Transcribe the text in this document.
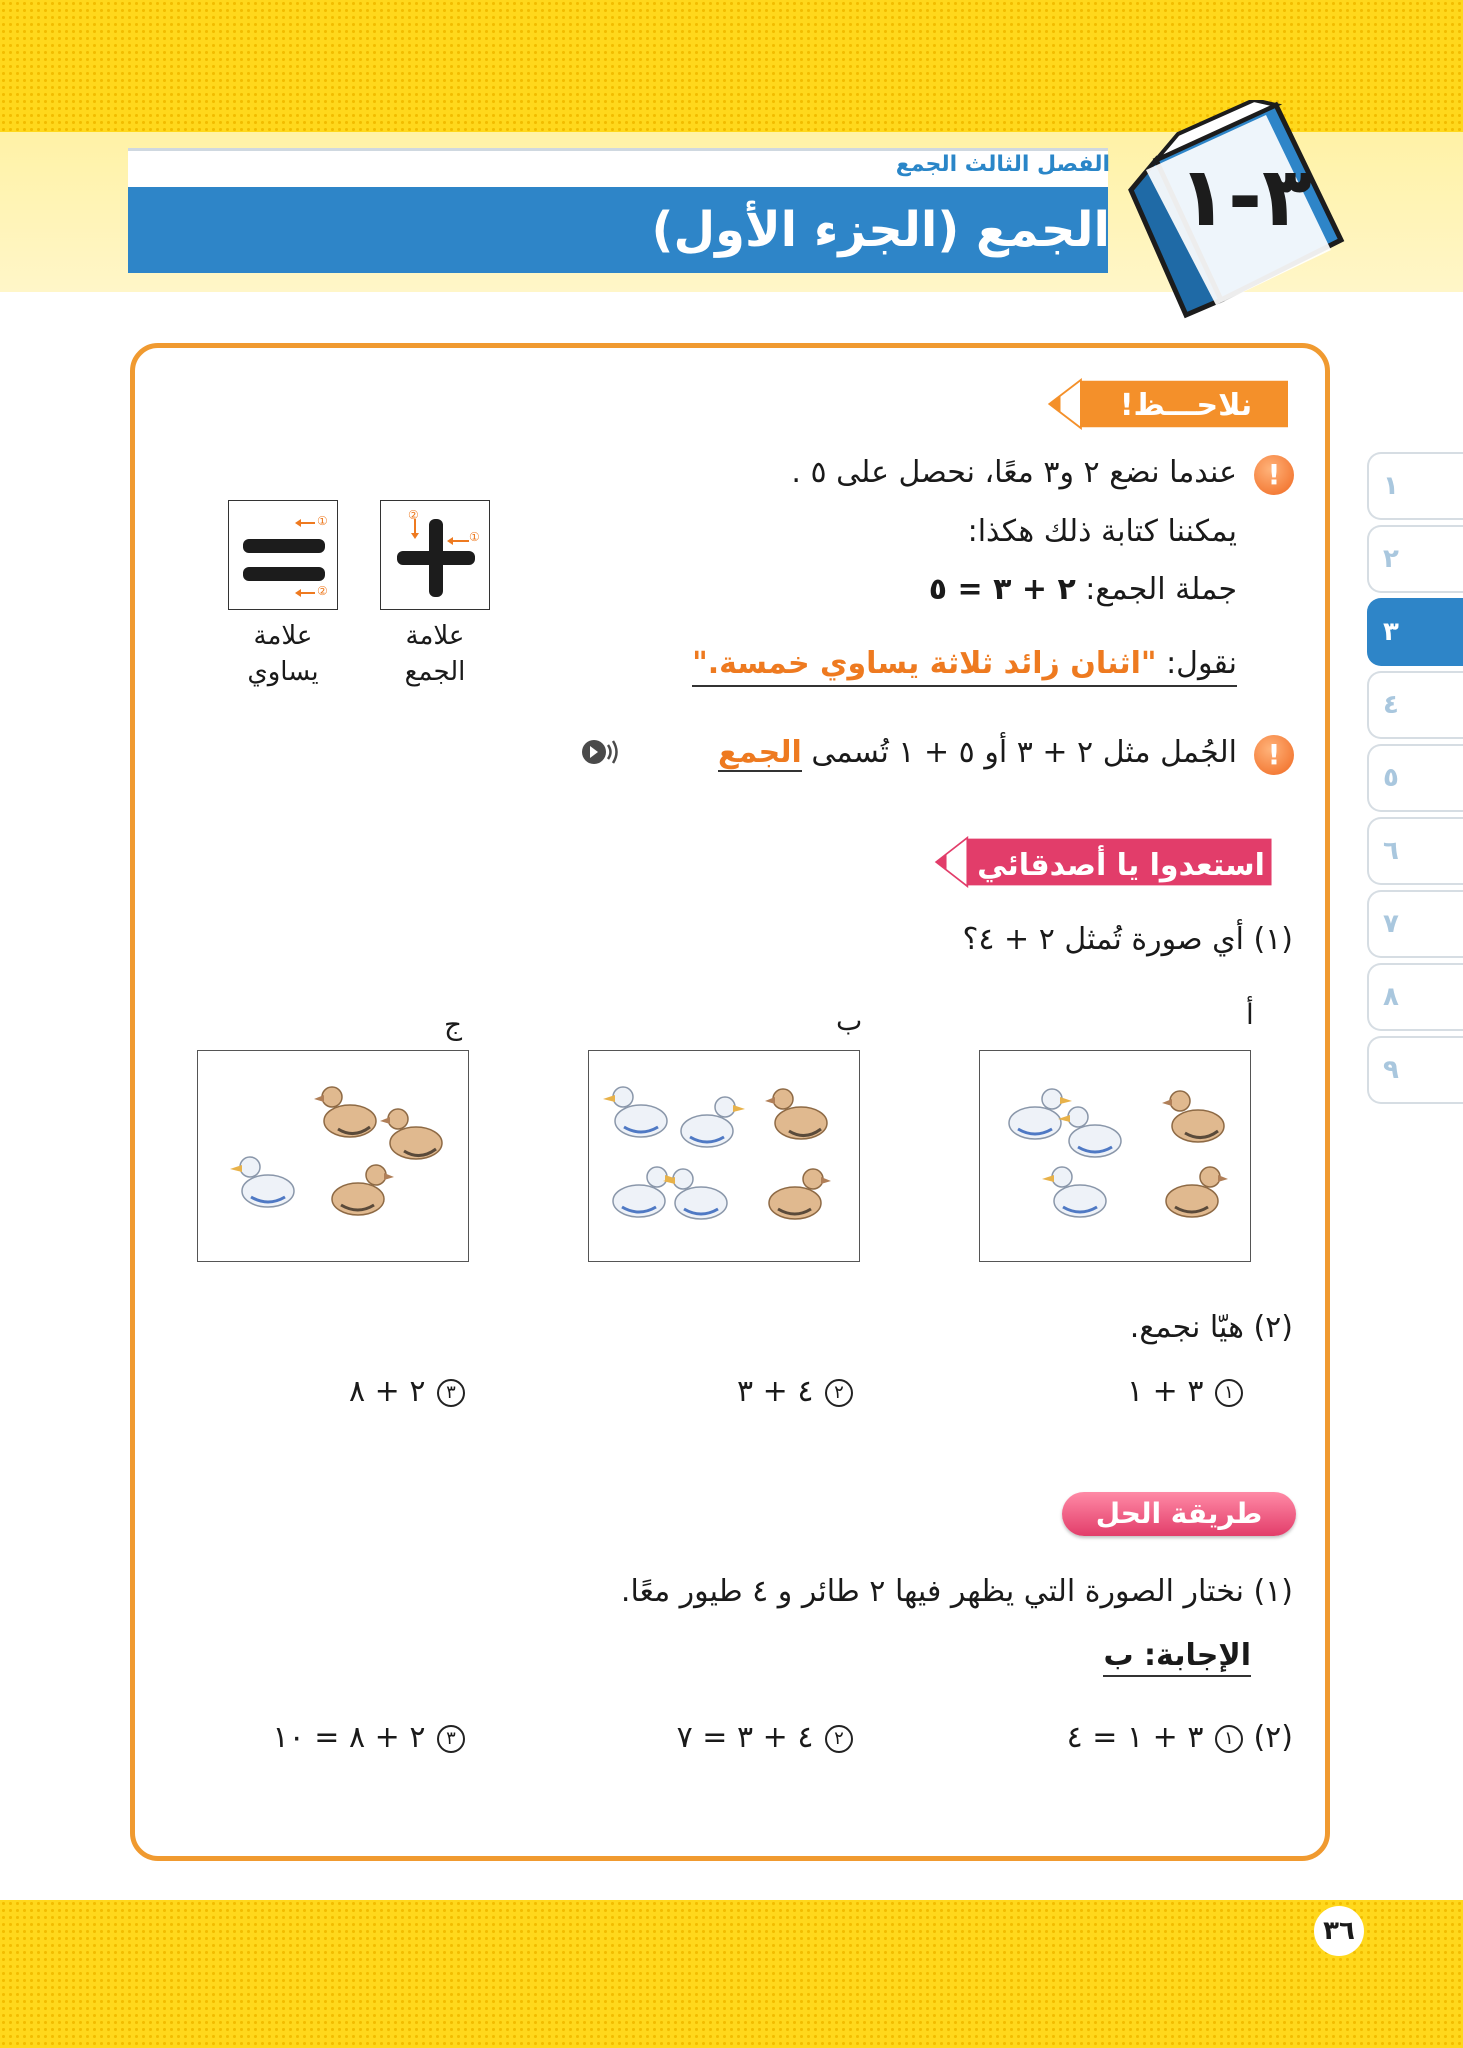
الفصل الثالث الجمع
الجمع (الجزء الأول) ٣-١
١
٢
٣
٤
٥
٦
٧
٨
٩
نلاحـــظ!
!
عندما نضع ٢ و٣ معًا، نحصل على ٥ .
يمكننا كتابة ذلك هكذا:
جملة الجمع: ٢ + ٣ = ٥
نقول: "اثنان زائد ثلاثة يساوي خمسة."
①
②
علامة
الجمع
①
②
علامة
يساوي
!
الجُمل مثل ٢ + ٣ أو ٥ + ١ تُسمى الجمع
استعدوا يا أصدقائي
(١) أي صورة تُمثل ٢ + ٤؟
أ
ب
ج
(٢) هيّا نجمع.
١ ٣ + ١
٢ ٤ + ٣
٣ ٢ + ٨
طريقة الحل
(١) نختار الصورة التي يظهر فيها ٢ طائر و ٤ طيور معًا.
الإجابة: ب
(٢)
١ ٣ + ١ = ٤
٢ ٤ + ٣ = ٧
٣ ٢ + ٨ = ١٠
٣٦
